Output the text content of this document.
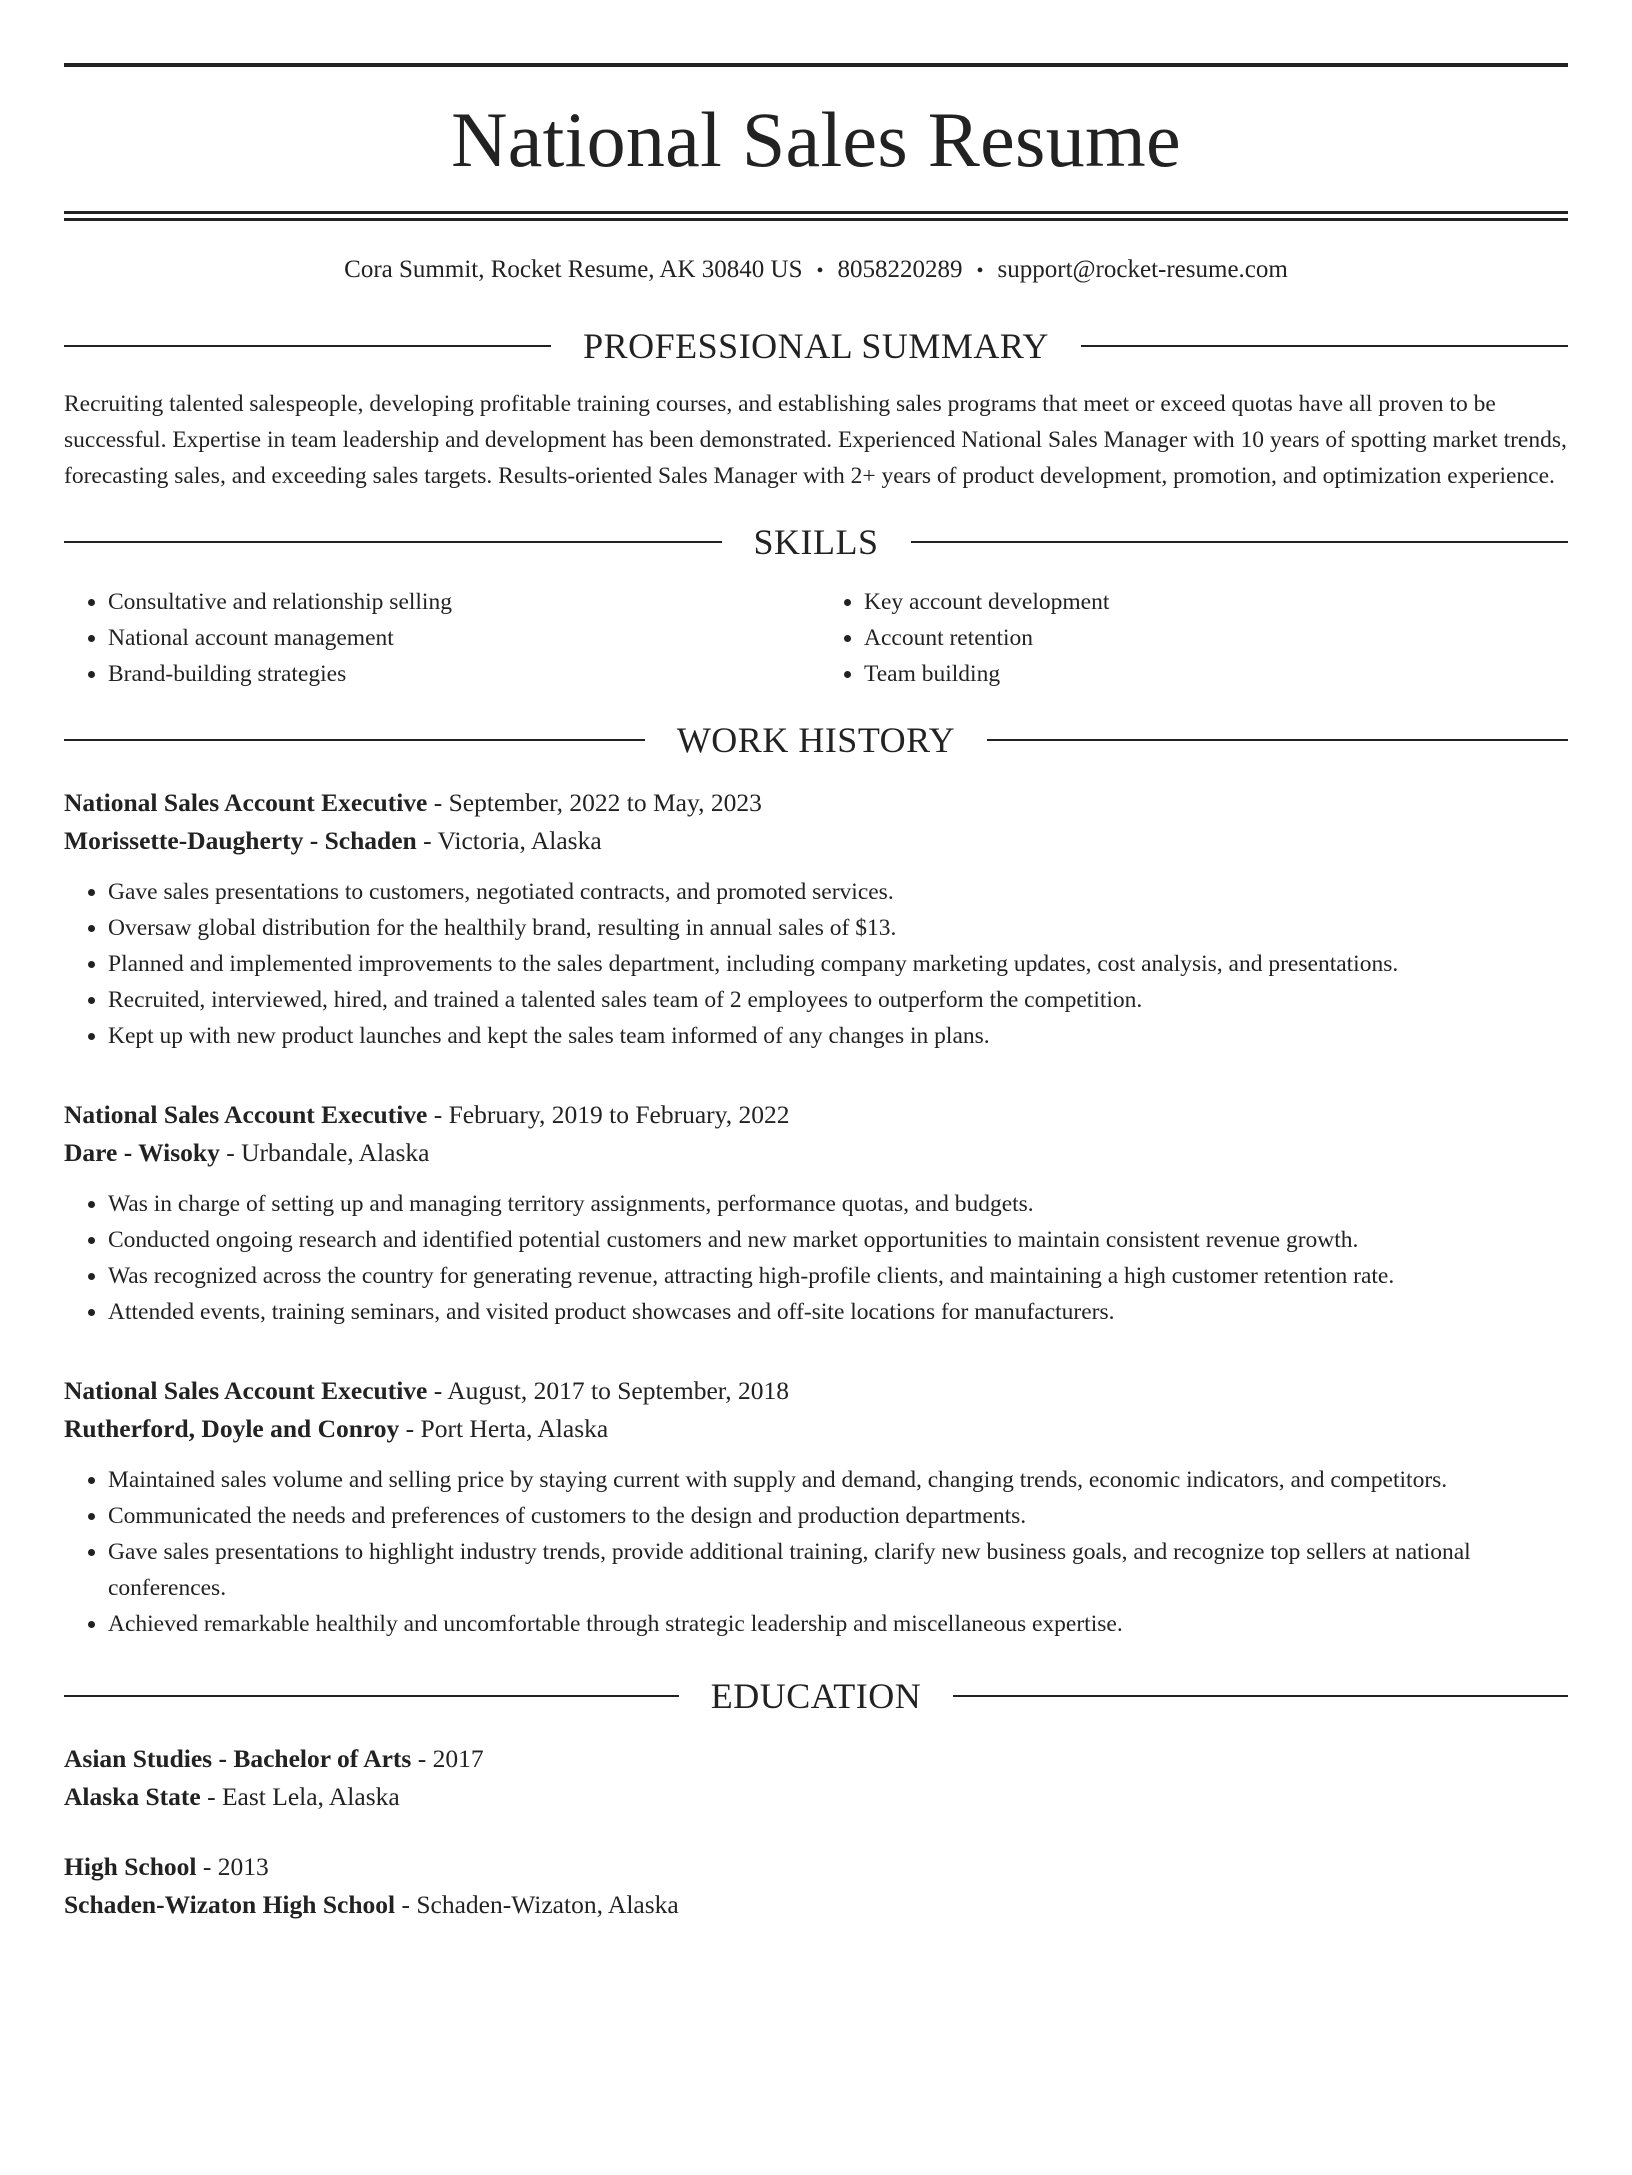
National Sales Resume
Cora Summit, Rocket Resume, AK 30840 US • 8058220289 • support@rocket-resume.com
PROFESSIONAL SUMMARY
Recruiting talented salespeople, developing profitable training courses, and establishing sales programs that meet or exceed quotas have all proven to be successful. Expertise in team leadership and development has been demonstrated. Experienced National Sales Manager with 10 years of spotting market trends, forecasting sales, and exceeding sales targets. Results-oriented Sales Manager with 2+ years of product development, promotion, and optimization experience.
SKILLS
• Consultative and relationship selling
• National account management
• Brand-building strategies
• Key account development
• Account retention
• Team building
WORK HISTORY
National Sales Account Executive - September, 2022 to May, 2023
Morissette-Daugherty - Schaden - Victoria, Alaska
• Gave sales presentations to customers, negotiated contracts, and promoted services.
• Oversaw global distribution for the healthily brand, resulting in annual sales of $13.
• Planned and implemented improvements to the sales department, including company marketing updates, cost analysis, and presentations.
• Recruited, interviewed, hired, and trained a talented sales team of 2 employees to outperform the competition.
• Kept up with new product launches and kept the sales team informed of any changes in plans.
National Sales Account Executive - February, 2019 to February, 2022
Dare - Wisoky - Urbandale, Alaska
• Was in charge of setting up and managing territory assignments, performance quotas, and budgets.
• Conducted ongoing research and identified potential customers and new market opportunities to maintain consistent revenue growth.
• Was recognized across the country for generating revenue, attracting high-profile clients, and maintaining a high customer retention rate.
• Attended events, training seminars, and visited product showcases and off-site locations for manufacturers.
National Sales Account Executive - August, 2017 to September, 2018
Rutherford, Doyle and Conroy - Port Herta, Alaska
• Maintained sales volume and selling price by staying current with supply and demand, changing trends, economic indicators, and competitors.
• Communicated the needs and preferences of customers to the design and production departments.
• Gave sales presentations to highlight industry trends, provide additional training, clarify new business goals, and recognize top sellers at national conferences.
• Achieved remarkable healthily and uncomfortable through strategic leadership and miscellaneous expertise.
EDUCATION
Asian Studies - Bachelor of Arts - 2017
Alaska State - East Lela, Alaska
High School - 2013
Schaden-Wizaton High School - Schaden-Wizaton, Alaska
